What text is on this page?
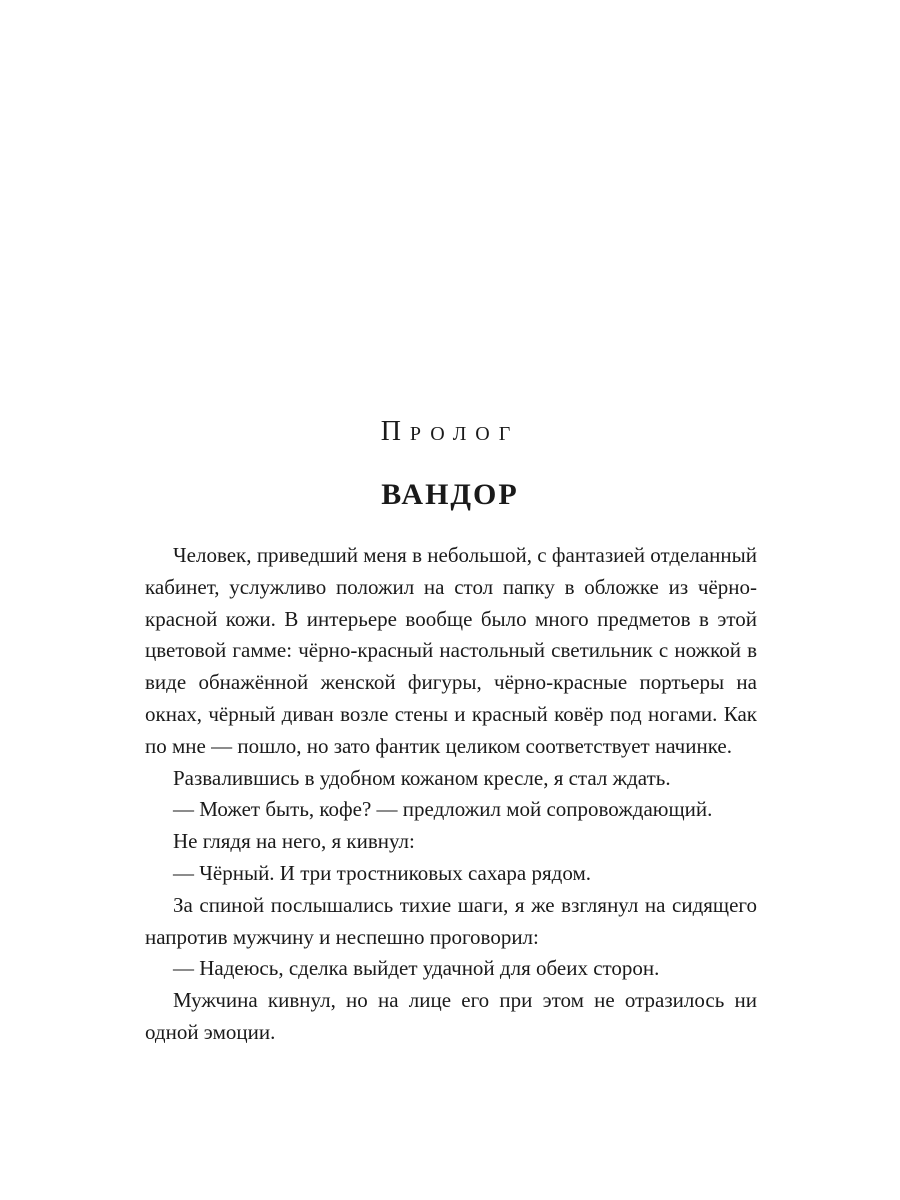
Пролог
ВАНДОР

Человек, приведший меня в небольшой, с фантазией отделанный кабинет, услужливо положил на стол папку в обложке из чёрно-красной кожи. В интерьере вообще было много предметов в этой цветовой гамме: чёрно-красный настольный светильник с ножкой в виде обнажённой женской фигуры, чёрно-красные портьеры на окнах, чёрный диван возле стены и красный ковёр под ногами. Как по мне — пошло, но зато фантик целиком соответствует начинке.

Развалившись в удобном кожаном кресле, я стал ждать.

— Может быть, кофе? — предложил мой сопровождающий.

Не глядя на него, я кивнул:

— Чёрный. И три тростниковых сахара рядом.

За спиной послышались тихие шаги, я же взглянул на сидящего напротив мужчину и неспешно проговорил:

— Надеюсь, сделка выйдет удачной для обеих сторон.

Мужчина кивнул, но на лице его при этом не отразилось ни одной эмоции.
